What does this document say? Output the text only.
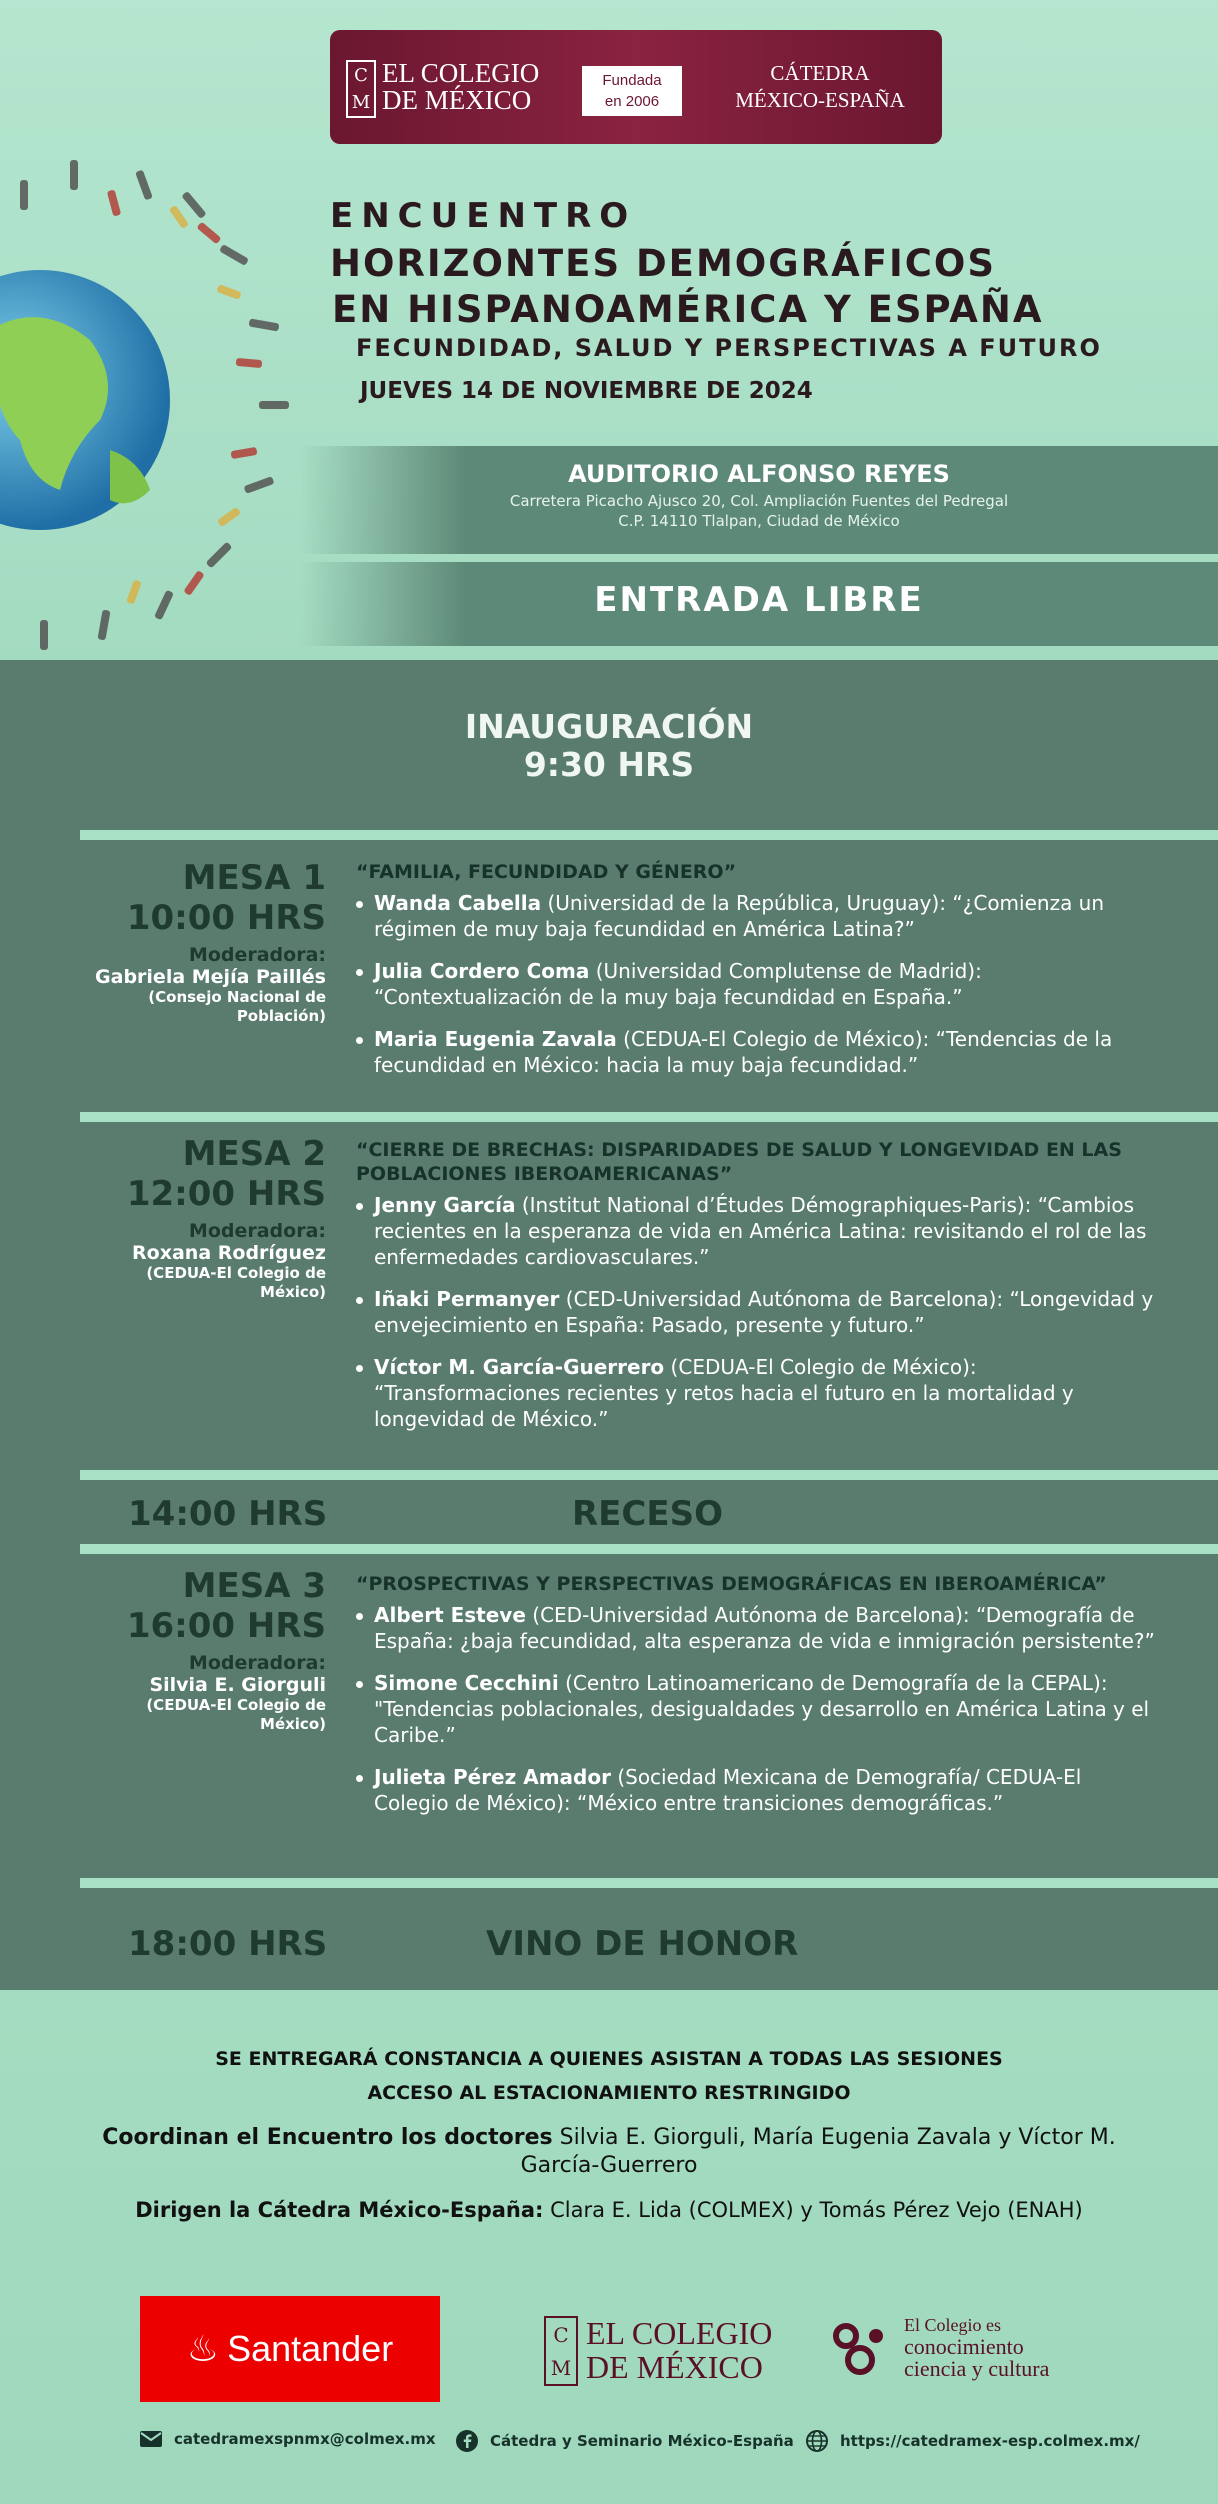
C
M
EL COLEGIO
DE MÉXICO
Fundada
en 2006
CÁTEDRA
MÉXICO-ESPAÑA
ENCUENTRO
HORIZONTES DEMOGRÁFICOS
EN HISPANOAMÉRICA Y ESPAÑA
FECUNDIDAD, SALUD Y PERSPECTIVAS A FUTURO
JUEVES 14 DE NOVIEMBRE DE 2024
AUDITORIO ALFONSO REYES
Carretera Picacho Ajusco 20, Col. Ampliación Fuentes del Pedregal
C.P. 14110 Tlalpan, Ciudad de México
ENTRADA LIBRE
INAUGURACIÓN
9:30 HRS
MESA 1
10:00 HRS
Moderadora:
Gabriela Mejía Paillés
(Consejo Nacional de Población)
“FAMILIA, FECUNDIDAD Y GÉNERO”
Wanda Cabella (Universidad de la República, Uruguay): “¿Comienza un régimen de muy baja fecundidad en América Latina?”
Julia Cordero Coma (Universidad Complutense de Madrid): “Contextualización de la muy baja fecundidad en España.”
Maria Eugenia Zavala (CEDUA-El Colegio de México): “Tendencias de la fecundidad en México: hacia la muy baja fecundidad.”
MESA 2
12:00 HRS
Moderadora:
Roxana Rodríguez
(CEDUA-El Colegio de México)
“CIERRE DE BRECHAS: DISPARIDADES DE SALUD Y LONGEVIDAD EN LAS POBLACIONES IBEROAMERICANAS”
Jenny García (Institut National d’Études Démographiques-Paris): “Cambios recientes en la esperanza de vida en América Latina: revisitando el rol de las enfermedades cardiovasculares.”
Iñaki Permanyer (CED-Universidad Autónoma de Barcelona): “Longevidad y envejecimiento en España: Pasado, presente y futuro.”
Víctor M. García-Guerrero (CEDUA-El Colegio de México): “Transformaciones recientes y retos hacia el futuro en la mortalidad y longevidad de México.”
14:00 HRS	RECESO
MESA 3
16:00 HRS
Moderadora:
Silvia E. Giorguli
(CEDUA-El Colegio de México)
“PROSPECTIVAS Y PERSPECTIVAS DEMOGRÁFICAS EN IBEROAMÉRICA”
Albert Esteve (CED-Universidad Autónoma de Barcelona): “Demografía de España: ¿baja fecundidad, alta esperanza de vida e inmigración persistente?”
Simone Cecchini (Centro Latinoamericano de Demografía de la CEPAL): "Tendencias poblacionales, desigualdades y desarrollo en América Latina y el Caribe.”
Julieta Pérez Amador (Sociedad Mexicana de Demografía/ CEDUA-El Colegio de México): “México entre transiciones demográficas.”
18:00 HRS	VINO DE HONOR
SE ENTREGARÁ CONSTANCIA A QUIENES ASISTAN A TODAS LAS SESIONES
ACCESO AL ESTACIONAMIENTO RESTRINGIDO
Coordinan el Encuentro los doctores Silvia E. Giorguli, María Eugenia Zavala y Víctor M. García-Guerrero
Dirigen la Cátedra México-España: Clara E. Lida (COLMEX) y Tomás Pérez Vejo (ENAH)
♨ Santander	C
M
EL COLEGIO
DE MÉXICO
El Colegio es
conocimiento
ciencia y cultura
catedramexspnmx@colmex.mx	Cátedra y Seminario México-España	https://catedramex-esp.colmex.mx/
